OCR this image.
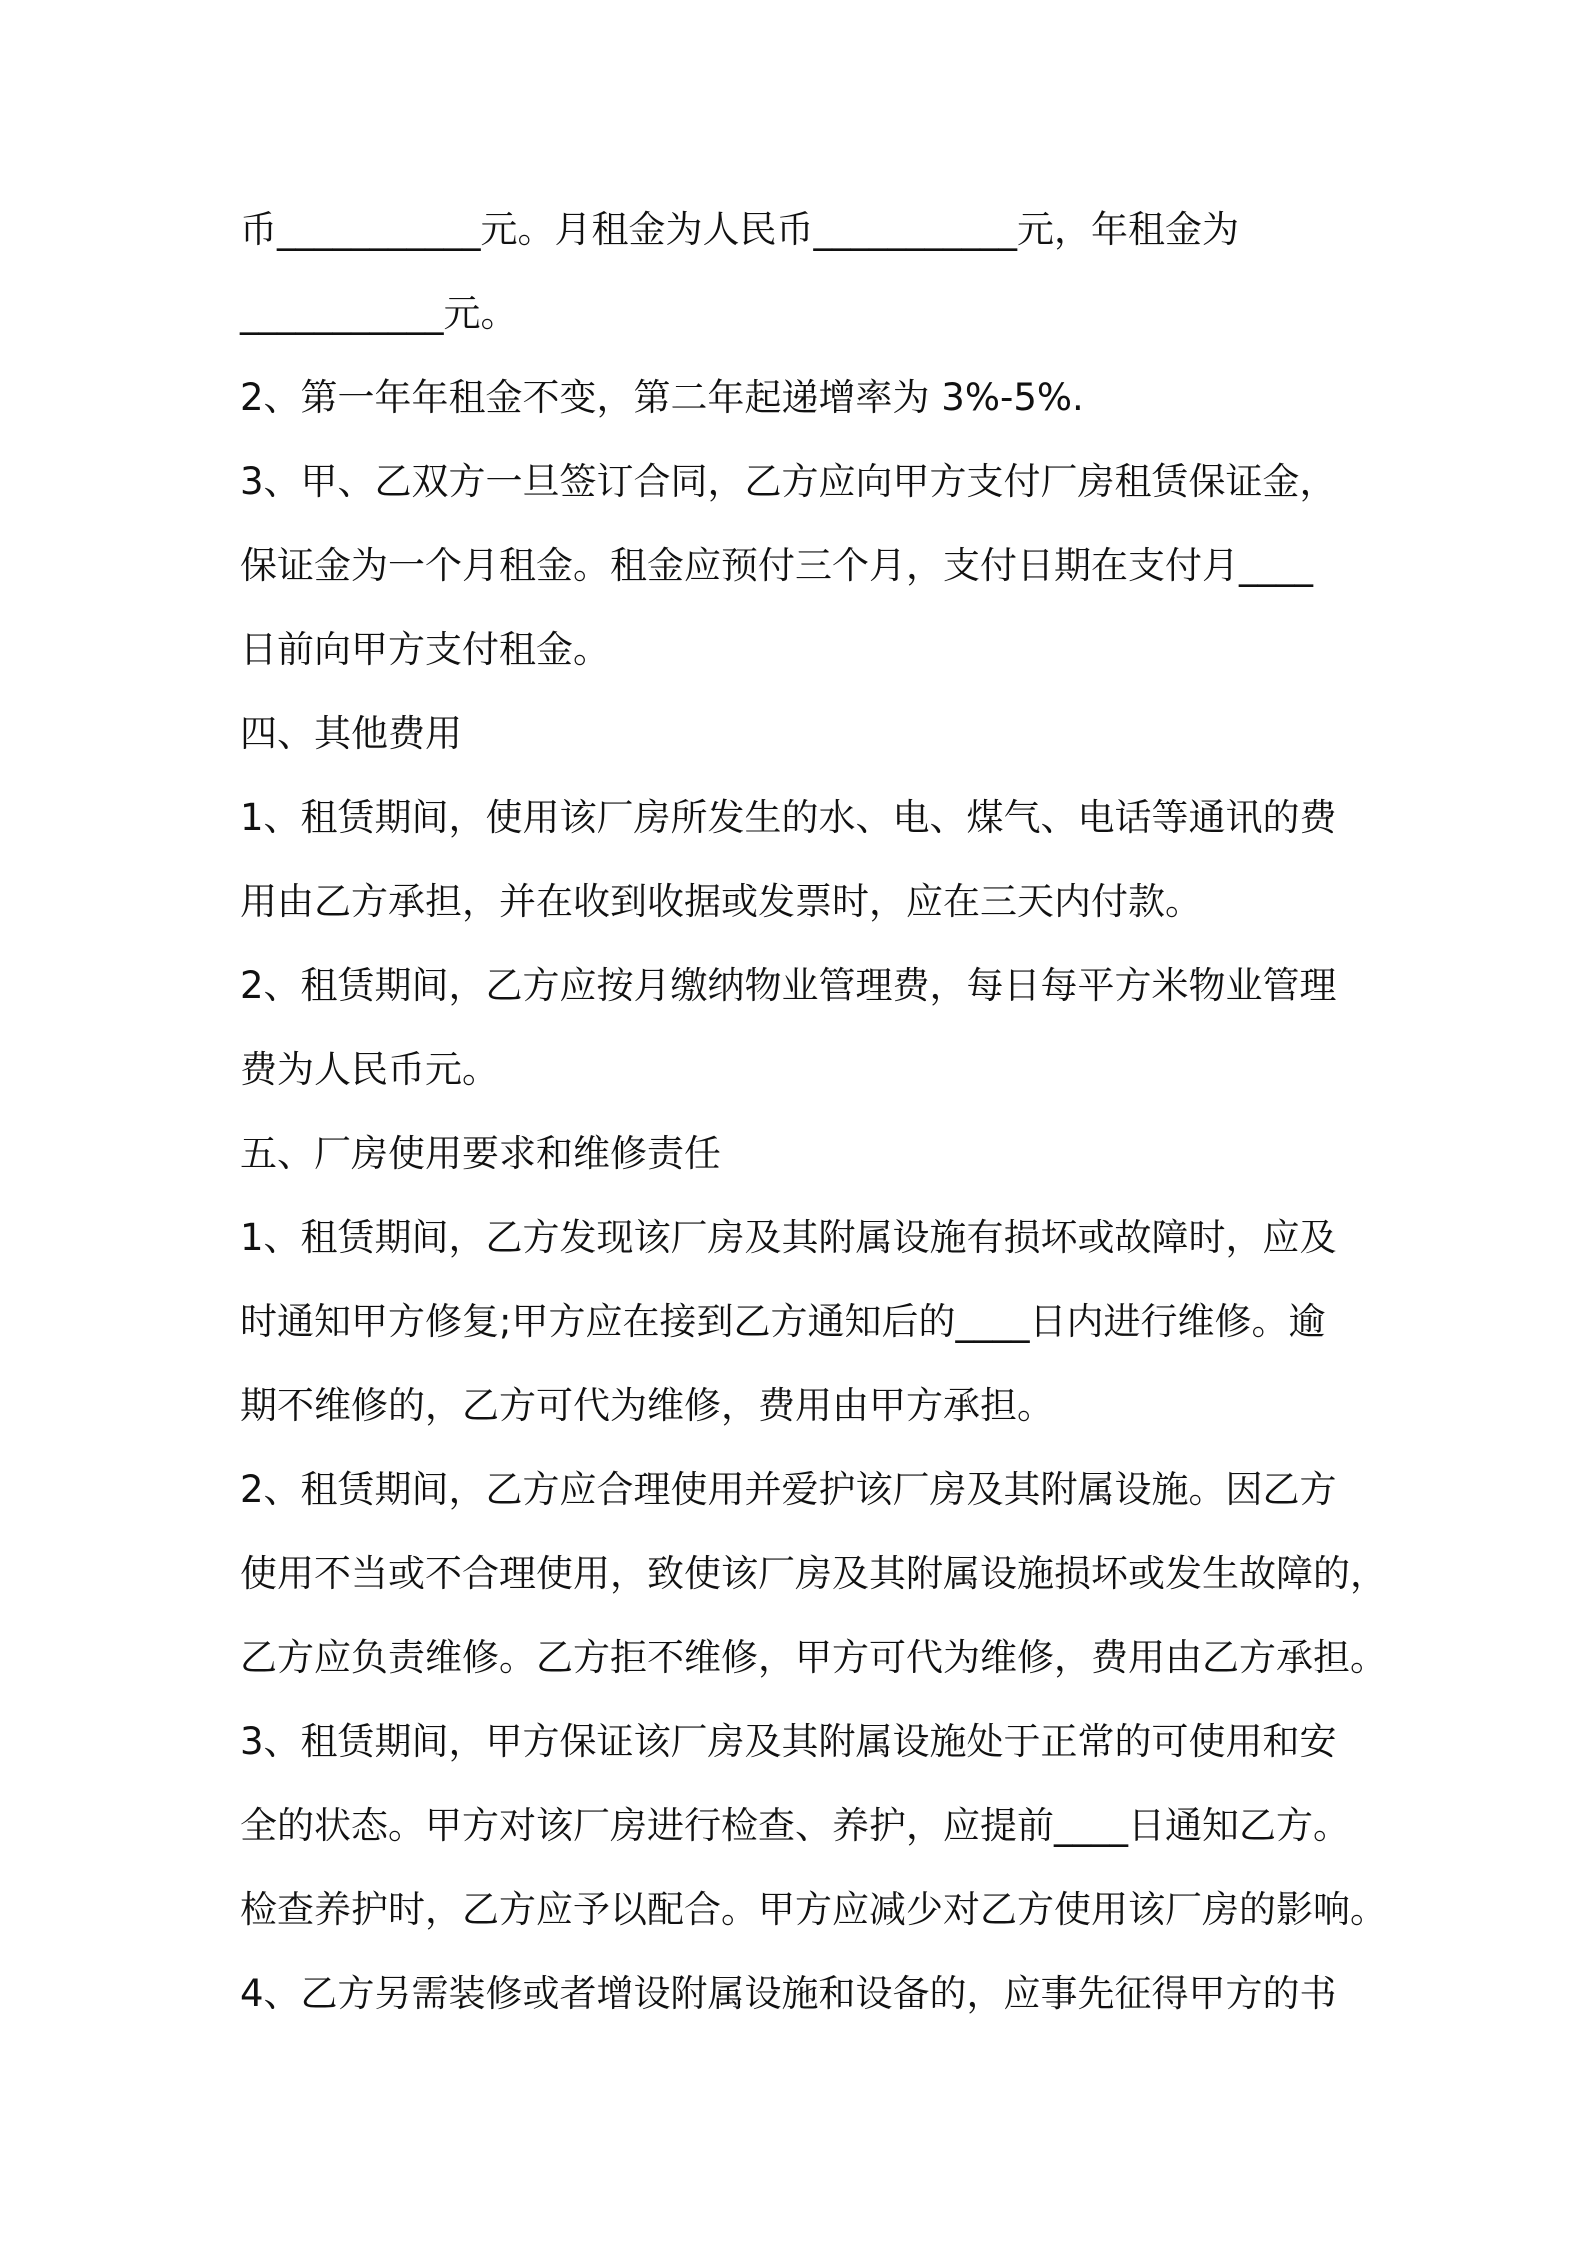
币___________元。月租金为人民币___________元，年租金为
___________元。
2、第一年年租金不变，第二年起递增率为 3%-5%.
3、甲、乙双方一旦签订合同，乙方应向甲方支付厂房租赁保证金，
保证金为一个月租金。租金应预付三个月，支付日期在支付月____
日前向甲方支付租金。
四、其他费用
1、租赁期间，使用该厂房所发生的水、电、煤气、电话等通讯的费
用由乙方承担，并在收到收据或发票时，应在三天内付款。
2、租赁期间，乙方应按月缴纳物业管理费，每日每平方米物业管理
费为人民币元。
五、厂房使用要求和维修责任
1、租赁期间，乙方发现该厂房及其附属设施有损坏或故障时，应及
时通知甲方修复;甲方应在接到乙方通知后的____日内进行维修。逾
期不维修的，乙方可代为维修，费用由甲方承担。
2、租赁期间，乙方应合理使用并爱护该厂房及其附属设施。因乙方
使用不当或不合理使用，致使该厂房及其附属设施损坏或发生故障的，
乙方应负责维修。乙方拒不维修，甲方可代为维修，费用由乙方承担。
3、租赁期间，甲方保证该厂房及其附属设施处于正常的可使用和安
全的状态。甲方对该厂房进行检查、养护，应提前____日通知乙方。
检查养护时，乙方应予以配合。甲方应减少对乙方使用该厂房的影响。
4、乙方另需装修或者增设附属设施和设备的，应事先征得甲方的书
